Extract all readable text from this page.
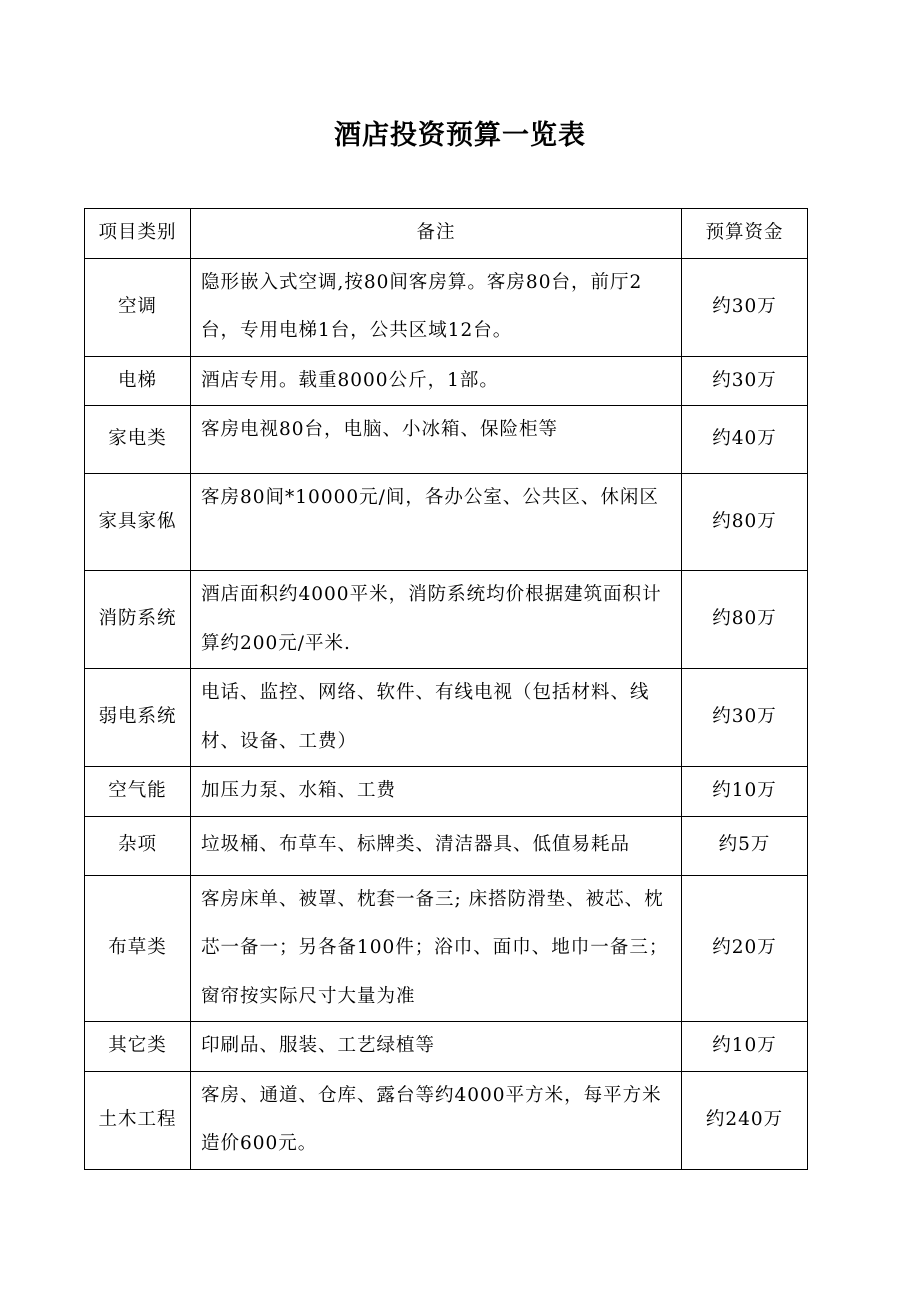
酒店投资预算一览表
项目类别	备注	预算资金
空调	隐形嵌入式空调,按80间客房算。客房80台，前厅2台，专用电梯1台，公共区域12台。	约30万
电梯	酒店专用。载重8000公斤，1部。	约30万
家电类	客房电视80台，电脑、小冰箱、保险柜等	约40万
家具家俬	客房80间*10000元/间，各办公室、公共区、休闲区	约80万
消防系统	酒店面积约4000平米，消防系统均价根据建筑面积计算约200元/平米.	约80万
弱电系统	电话、监控、网络、软件、有线电视（包括材料、线材、设备、工费）	约30万
空气能	加压力泵、水箱、工费	约10万
杂项	垃圾桶、布草车、标牌类、清洁器具、低值易耗品	约5万
布草类	客房床单、被罩、枕套一备三; 床搭防滑垫、被芯、枕芯一备一；另各备100件；浴巾、面巾、地巾一备三；窗帘按实际尺寸大量为准	约20万
其它类	印刷品、服装、工艺绿植等	约10万
土木工程	客房、通道、仓库、露台等约4000平方米，每平方米造价600元。	约240万
